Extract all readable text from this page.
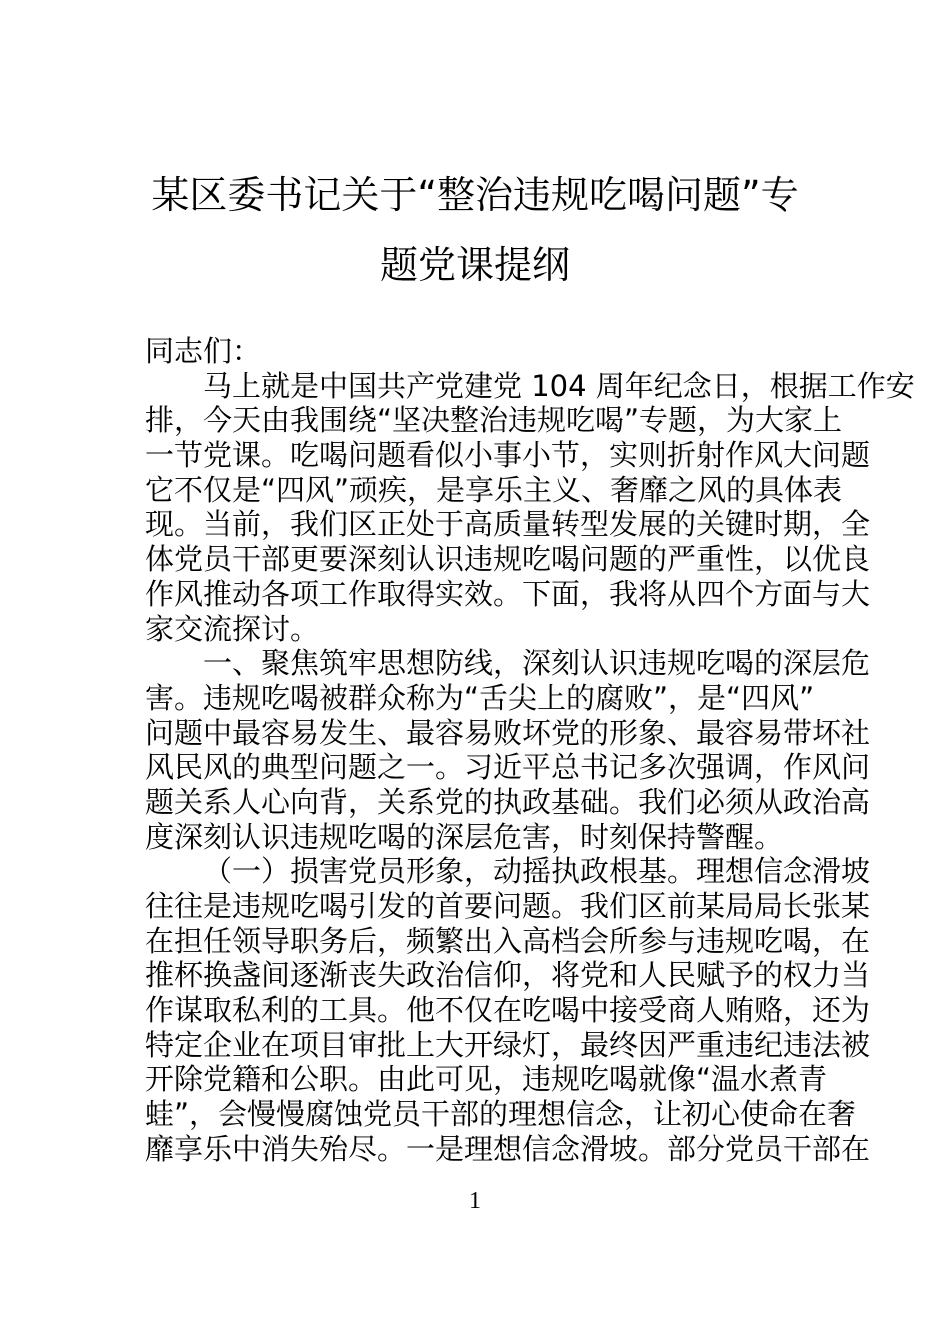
某区委书记关于“整治违规吃喝问题”专
题党课提纲
同志们：
马上就是中国共产党建党 104 周年纪念日，根据工作安
排，今天由我围绕“坚决整治违规吃喝”专题，为大家上
一节党课。吃喝问题看似小事小节，实则折射作风大问题
它不仅是“四风”顽疾，是享乐主义、奢靡之风的具体表
现。当前，我们区正处于高质量转型发展的关键时期，全
体党员干部更要深刻认识违规吃喝问题的严重性，以优良
作风推动各项工作取得实效。下面，我将从四个方面与大
家交流探讨。
一、聚焦筑牢思想防线，深刻认识违规吃喝的深层危
害。违规吃喝被群众称为“舌尖上的腐败”，是“四风”
问题中最容易发生、最容易败坏党的形象、最容易带坏社
风民风的典型问题之一。习近平总书记多次强调，作风问
题关系人心向背，关系党的执政基础。我们必须从政治高
度深刻认识违规吃喝的深层危害，时刻保持警醒。
（一）损害党员形象，动摇执政根基。理想信念滑坡
往往是违规吃喝引发的首要问题。我们区前某局局长张某
在担任领导职务后，频繁出入高档会所参与违规吃喝，在
推杯换盏间逐渐丧失政治信仰，将党和人民赋予的权力当
作谋取私利的工具。他不仅在吃喝中接受商人贿赂，还为
特定企业在项目审批上大开绿灯，最终因严重违纪违法被
开除党籍和公职。由此可见，违规吃喝就像“温水煮青
蛙”，会慢慢腐蚀党员干部的理想信念，让初心使命在奢
靡享乐中消失殆尽。一是理想信念滑坡。部分党员干部在
1
